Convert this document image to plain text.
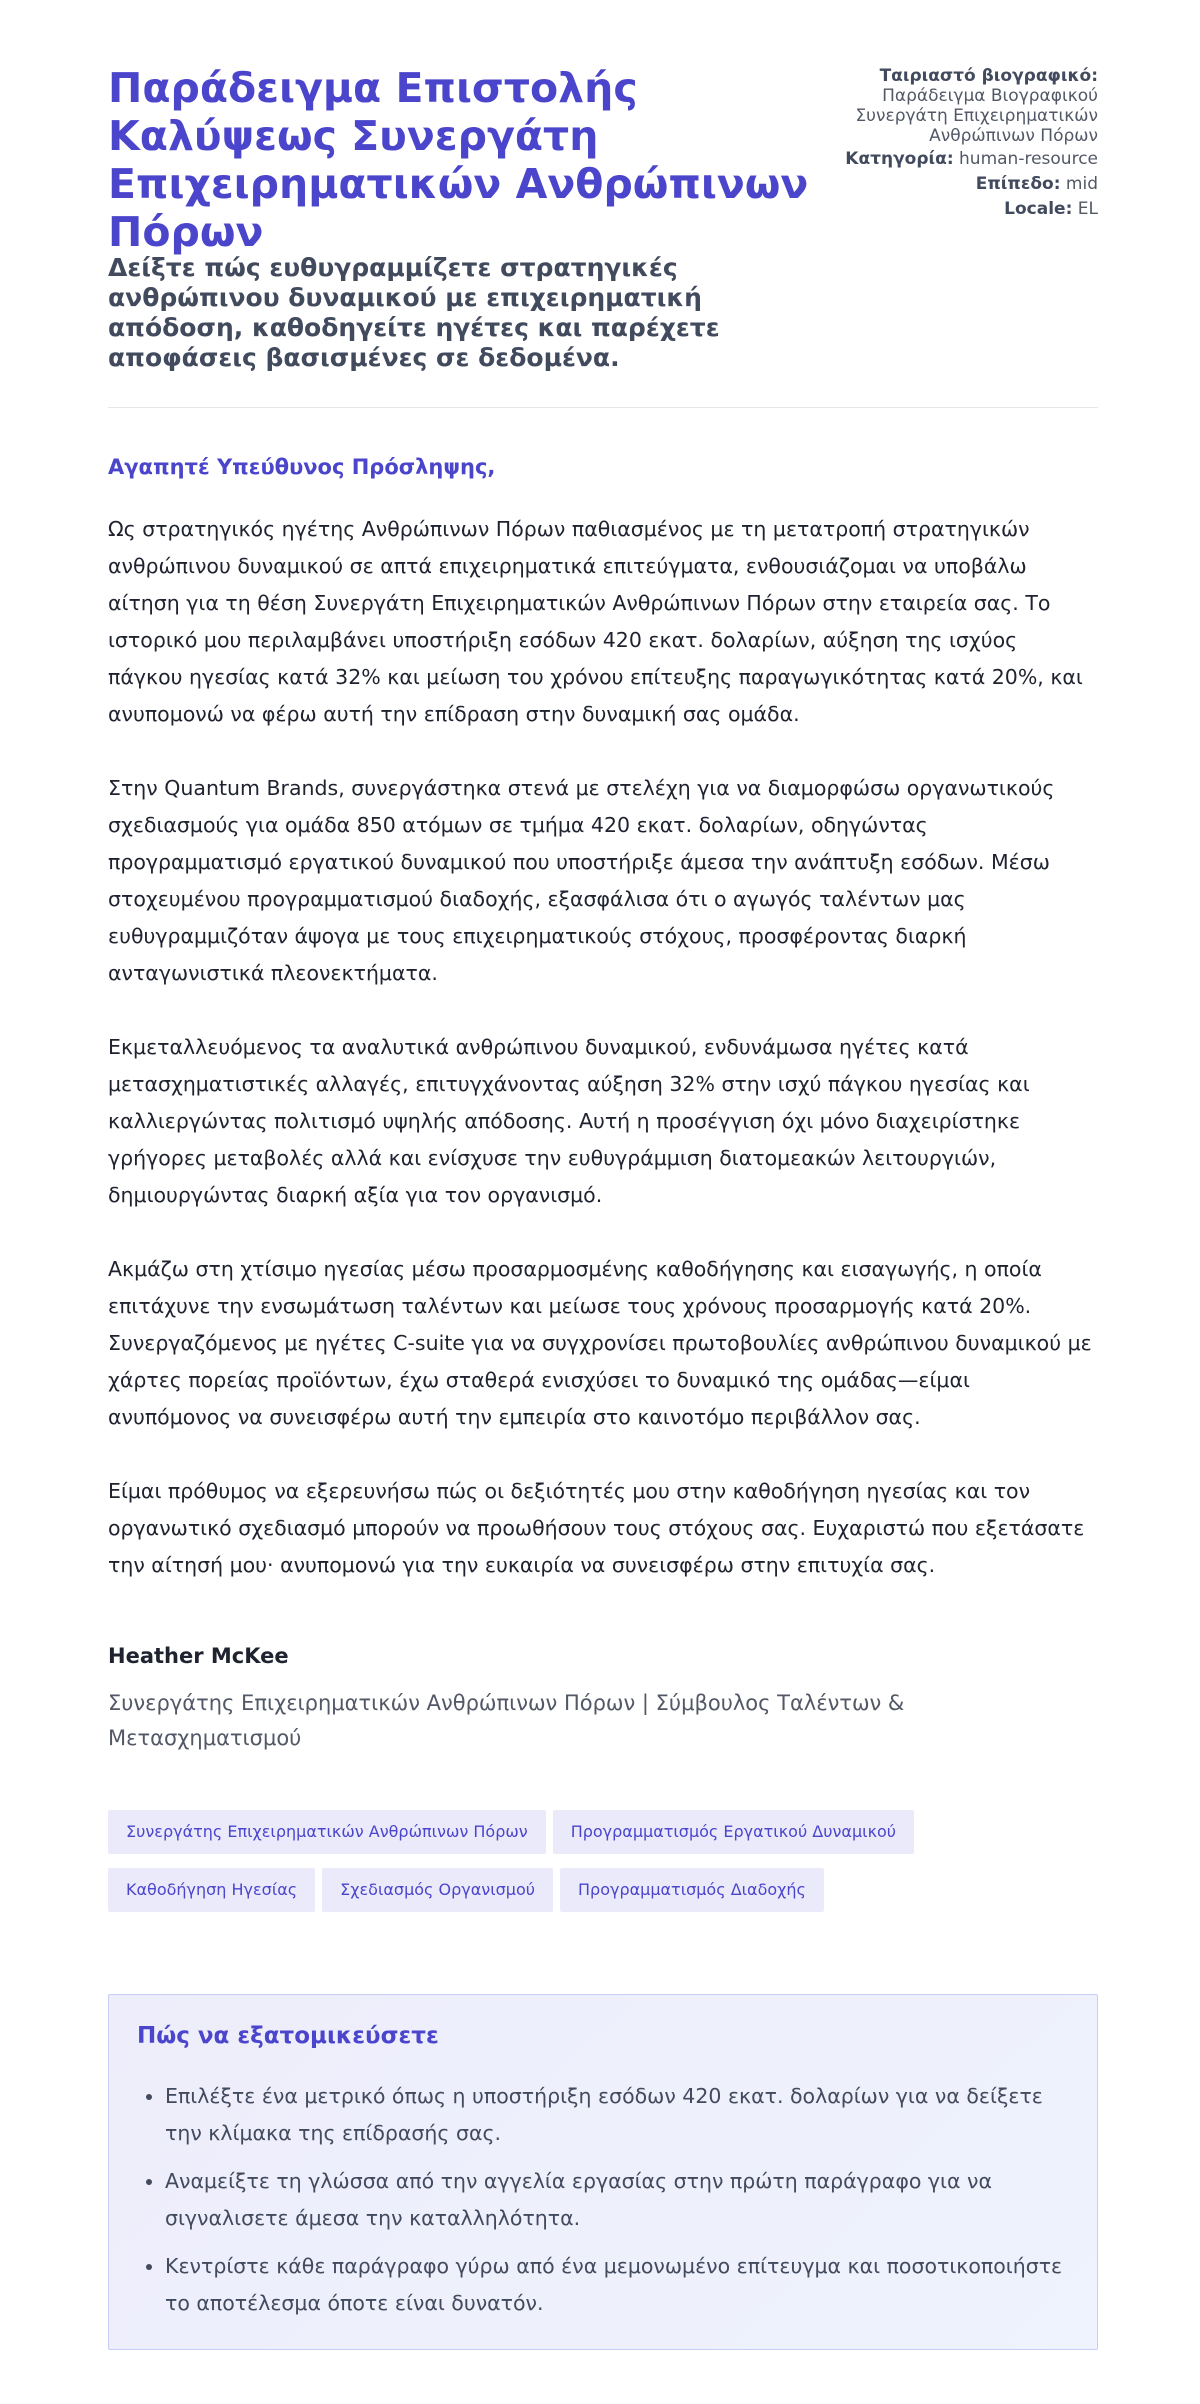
Παράδειγμα Επιστολής Καλύψεως Συνεργάτη Επιχειρηματικών Ανθρώπινων Πόρων
Δείξτε πώς ευθυγραμμίζετε στρατηγικές ανθρώπινου δυναμικού με επιχειρηματική απόδοση, καθοδηγείτε ηγέτες και παρέχετε αποφάσεις βασισμένες σε δεδομένα.
Ταιριαστό βιογραφικό:
Παράδειγμα Βιογραφικού Συνεργάτη Επιχειρηματικών Ανθρώπινων Πόρων
Κατηγορία: human-resource
Επίπεδο: mid
Locale: EL

Αγαπητέ Υπεύθυνος Πρόσληψης,

Ως στρατηγικός ηγέτης Ανθρώπινων Πόρων παθιασμένος με τη μετατροπή στρατηγικών ανθρώπινου δυναμικού σε απτά επιχειρηματικά επιτεύγματα, ενθουσιάζομαι να υποβάλω αίτηση για τη θέση Συνεργάτη Επιχειρηματικών Ανθρώπινων Πόρων στην εταιρεία σας. Το ιστορικό μου περιλαμβάνει υποστήριξη εσόδων 420 εκατ. δολαρίων, αύξηση της ισχύος πάγκου ηγεσίας κατά 32% και μείωση του χρόνου επίτευξης παραγωγικότητας κατά 20%, και ανυπομονώ να φέρω αυτή την επίδραση στην δυναμική σας ομάδα.

Στην Quantum Brands, συνεργάστηκα στενά με στελέχη για να διαμορφώσω οργανωτικούς σχεδιασμούς για ομάδα 850 ατόμων σε τμήμα 420 εκατ. δολαρίων, οδηγώντας προγραμματισμό εργατικού δυναμικού που υποστήριξε άμεσα την ανάπτυξη εσόδων. Μέσω στοχευμένου προγραμματισμού διαδοχής, εξασφάλισα ότι ο αγωγός ταλέντων μας ευθυγραμμιζόταν άψογα με τους επιχειρηματικούς στόχους, προσφέροντας διαρκή ανταγωνιστικά πλεονεκτήματα.

Εκμεταλλευόμενος τα αναλυτικά ανθρώπινου δυναμικού, ενδυνάμωσα ηγέτες κατά μετασχηματιστικές αλλαγές, επιτυγχάνοντας αύξηση 32% στην ισχύ πάγκου ηγεσίας και καλλιεργώντας πολιτισμό υψηλής απόδοσης. Αυτή η προσέγγιση όχι μόνο διαχειρίστηκε γρήγορες μεταβολές αλλά και ενίσχυσε την ευθυγράμμιση διατομεακών λειτουργιών, δημιουργώντας διαρκή αξία για τον οργανισμό.

Ακμάζω στη χτίσιμο ηγεσίας μέσω προσαρμοσμένης καθοδήγησης και εισαγωγής, η οποία επιτάχυνε την ενσωμάτωση ταλέντων και μείωσε τους χρόνους προσαρμογής κατά 20%. Συνεργαζόμενος με ηγέτες C-suite για να συγχρονίσει πρωτοβουλίες ανθρώπινου δυναμικού με χάρτες πορείας προϊόντων, έχω σταθερά ενισχύσει το δυναμικό της ομάδας—είμαι ανυπόμονος να συνεισφέρω αυτή την εμπειρία στο καινοτόμο περιβάλλον σας.

Είμαι πρόθυμος να εξερευνήσω πώς οι δεξιότητές μου στην καθοδήγηση ηγεσίας και τον οργανωτικό σχεδιασμό μπορούν να προωθήσουν τους στόχους σας. Ευχαριστώ που εξετάσατε την αίτησή μου· ανυπομονώ για την ευκαιρία να συνεισφέρω στην επιτυχία σας.

Heather McKee

Συνεργάτης Επιχειρηματικών Ανθρώπινων Πόρων | Σύμβουλος Ταλέντων & Μετασχηματισμού

Συνεργάτης Επιχειρηματικών Ανθρώπινων Πόρων	Προγραμματισμός Εργατικού Δυναμικού
Καθοδήγηση Ηγεσίας	Σχεδιασμός Οργανισμού	Προγραμματισμός Διαδοχής
Πώς να εξατομικεύσετε
• Επιλέξτε ένα μετρικό όπως η υποστήριξη εσόδων 420 εκατ. δολαρίων για να δείξετε την κλίμακα της επίδρασής σας.
• Αναμείξτε τη γλώσσα από την αγγελία εργασίας στην πρώτη παράγραφο για να σιγναλισετε άμεσα την καταλληλότητα.
• Κεντρίστε κάθε παράγραφο γύρω από ένα μεμονωμένο επίτευγμα και ποσοτικοποιήστε το αποτέλεσμα όποτε είναι δυνατόν.
